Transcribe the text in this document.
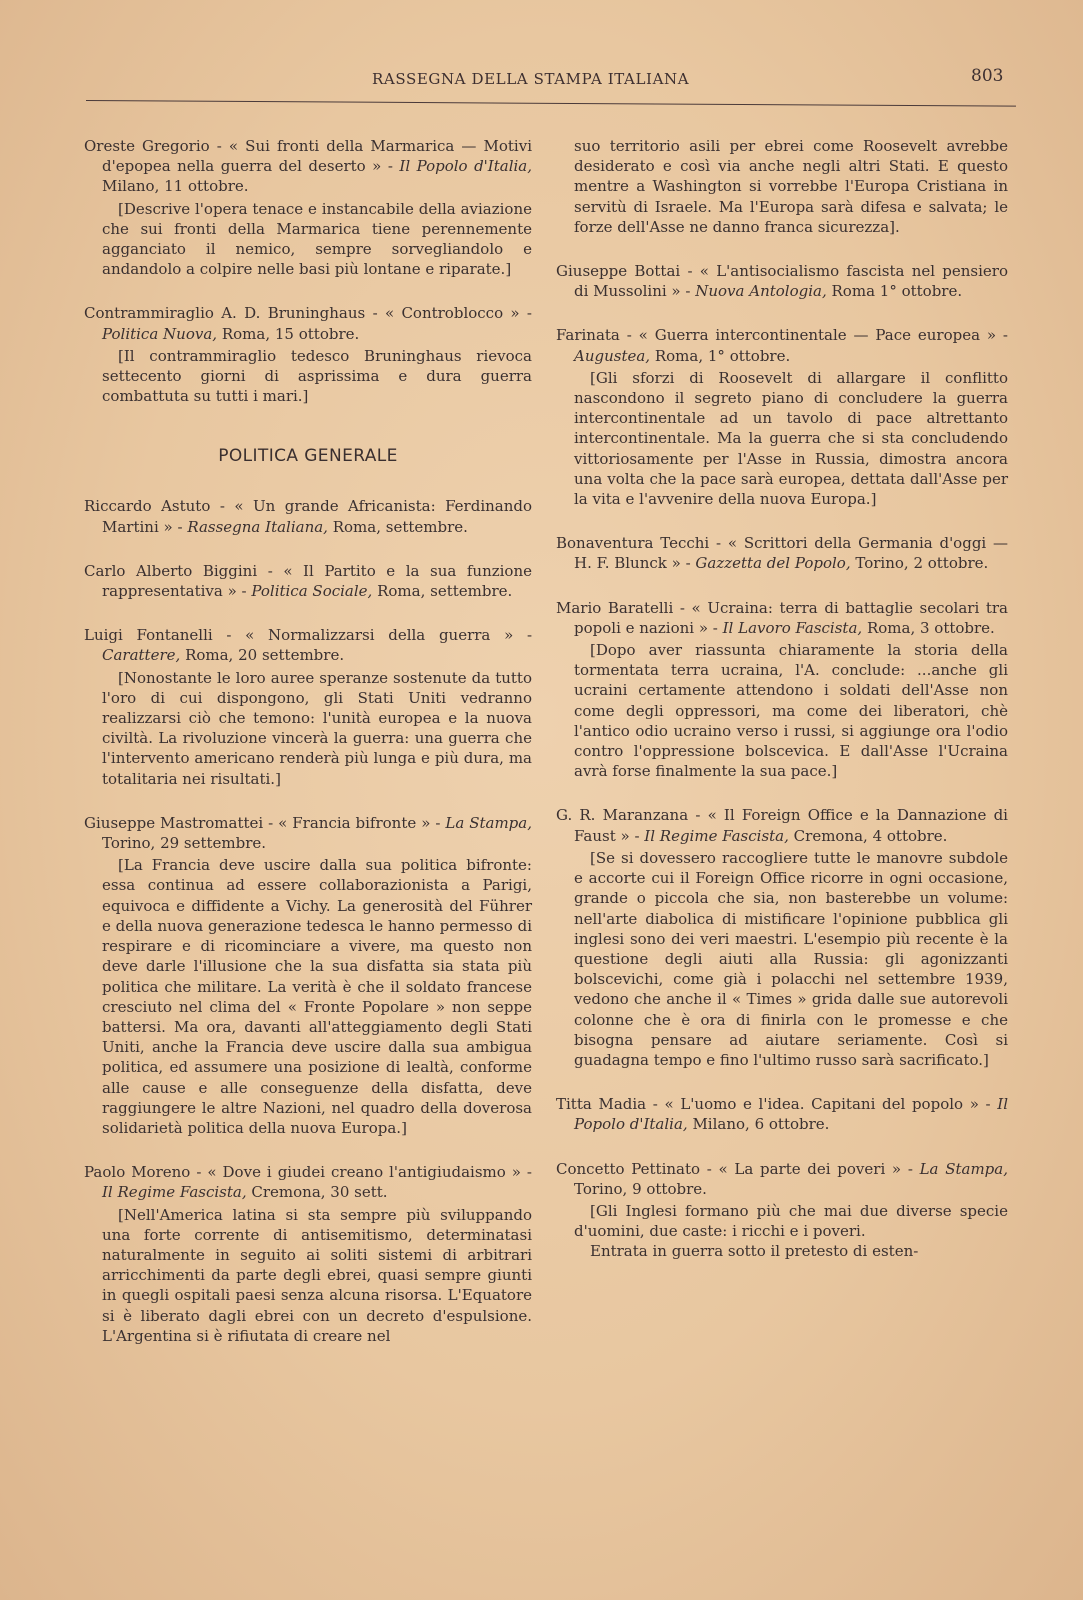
RASSEGNA DELLA STAMPA ITALIANA	803
Oreste Gregorio - « Sui fronti della Marmarica — Motivi d'epopea nella guerra del deserto » - Il Popolo d'Italia, Milano, 11 ottobre.
[Descrive l'opera tenace e instancabile della aviazione che sui fronti della Marmarica tiene perennemente agganciato il nemico, sempre sorvegliandolo e andandolo a colpire nelle basi più lontane e riparate.]
Contrammiraglio A. D. Bruninghaus - « Controblocco » - Politica Nuova, Roma, 15 ottobre.
[Il contrammiraglio tedesco Bruninghaus rievoca settecento giorni di asprissima e dura guerra combattuta su tutti i mari.]
POLITICA GENERALE
Riccardo Astuto - « Un grande Africanista: Ferdinando Martini » - Rassegna Italiana, Roma, settembre.
Carlo Alberto Biggini - « Il Partito e la sua funzione rappresentativa » - Politica Sociale, Roma, settembre.
Luigi Fontanelli - « Normalizzarsi della guerra » - Carattere, Roma, 20 settembre.
[Nonostante le loro auree speranze sostenute da tutto l'oro di cui dispongono, gli Stati Uniti vedranno realizzarsi ciò che temono: l'unità europea e la nuova civiltà. La rivoluzione vincerà la guerra: una guerra che l'intervento americano renderà più lunga e più dura, ma totalitaria nei risultati.]
Giuseppe Mastromattei - « Francia bifronte » - La Stampa, Torino, 29 settembre.
[La Francia deve uscire dalla sua politica bifronte: essa continua ad essere collaborazionista a Parigi, equivoca e diffidente a Vichy. La generosità del Führer e della nuova generazione tedesca le hanno permesso di respirare e di ricominciare a vivere, ma questo non deve darle l'illusione che la sua disfatta sia stata più politica che militare. La verità è che il soldato francese cresciuto nel clima del « Fronte Popolare » non seppe battersi. Ma ora, davanti all'atteggiamento degli Stati Uniti, anche la Francia deve uscire dalla sua ambigua politica, ed assumere una posizione di lealtà, conforme alle cause e alle conseguenze della disfatta, deve raggiungere le altre Nazioni, nel quadro della doverosa solidarietà politica della nuova Europa.]
Paolo Moreno - « Dove i giudei creano l'antigiudaismo » - Il Regime Fascista, Cremona, 30 sett.
[Nell'America latina si sta sempre più sviluppando una forte corrente di antisemitismo, determinatasi naturalmente in seguito ai soliti sistemi di arbitrari arricchimenti da parte degli ebrei, quasi sempre giunti in quegli ospitali paesi senza alcuna risorsa. L'Equatore si è liberato dagli ebrei con un decreto d'espulsione. L'Argentina si è rifiutata di creare nel
suo territorio asili per ebrei come Roosevelt avrebbe desiderato e così via anche negli altri Stati. E questo mentre a Washington si vorrebbe l'Europa Cristiana in servitù di Israele. Ma l'Europa sarà difesa e salvata; le forze dell'Asse ne danno franca sicurezza].
Giuseppe Bottai - « L'antisocialismo fascista nel pensiero di Mussolini » - Nuova Antologia, Roma 1° ottobre.
Farinata - « Guerra intercontinentale — Pace europea » - Augustea, Roma, 1° ottobre.
[Gli sforzi di Roosevelt di allargare il conflitto nascondono il segreto piano di concludere la guerra intercontinentale ad un tavolo di pace altrettanto intercontinentale. Ma la guerra che si sta concludendo vittoriosamente per l'Asse in Russia, dimostra ancora una volta che la pace sarà europea, dettata dall'Asse per la vita e l'avvenire della nuova Europa.]
Bonaventura Tecchi - « Scrittori della Germania d'oggi — H. F. Blunck » - Gazzetta del Popolo, Torino, 2 ottobre.
Mario Baratelli - « Ucraina: terra di battaglie secolari tra popoli e nazioni » - Il Lavoro Fascista, Roma, 3 ottobre.
[Dopo aver riassunta chiaramente la storia della tormentata terra ucraina, l'A. conclude: ...anche gli ucraini certamente attendono i soldati dell'Asse non come degli oppressori, ma come dei liberatori, chè l'antico odio ucraino verso i russi, si aggiunge ora l'odio contro l'oppressione bolscevica. E dall'Asse l'Ucraina avrà forse finalmente la sua pace.]
G. R. Maranzana - « Il Foreign Office e la Dannazione di Faust » - Il Regime Fascista, Cremona, 4 ottobre.
[Se si dovessero raccogliere tutte le manovre subdole e accorte cui il Foreign Office ricorre in ogni occasione, grande o piccola che sia, non basterebbe un volume: nell'arte diabolica di mistificare l'opinione pubblica gli inglesi sono dei veri maestri. L'esempio più recente è la questione degli aiuti alla Russia: gli agonizzanti bolscevichi, come già i polacchi nel settembre 1939, vedono che anche il « Times » grida dalle sue autorevoli colonne che è ora di finirla con le promesse e che bisogna pensare ad aiutare seriamente. Così si guadagna tempo e fino l'ultimo russo sarà sacrificato.]
Titta Madia - « L'uomo e l'idea. Capitani del popolo » - Il Popolo d'Italia, Milano, 6 ottobre.
Concetto Pettinato - « La parte dei poveri » - La Stampa, Torino, 9 ottobre.
[Gli Inglesi formano più che mai due diverse specie d'uomini, due caste: i ricchi e i poveri.
Entrata in guerra sotto il pretesto di esten-
